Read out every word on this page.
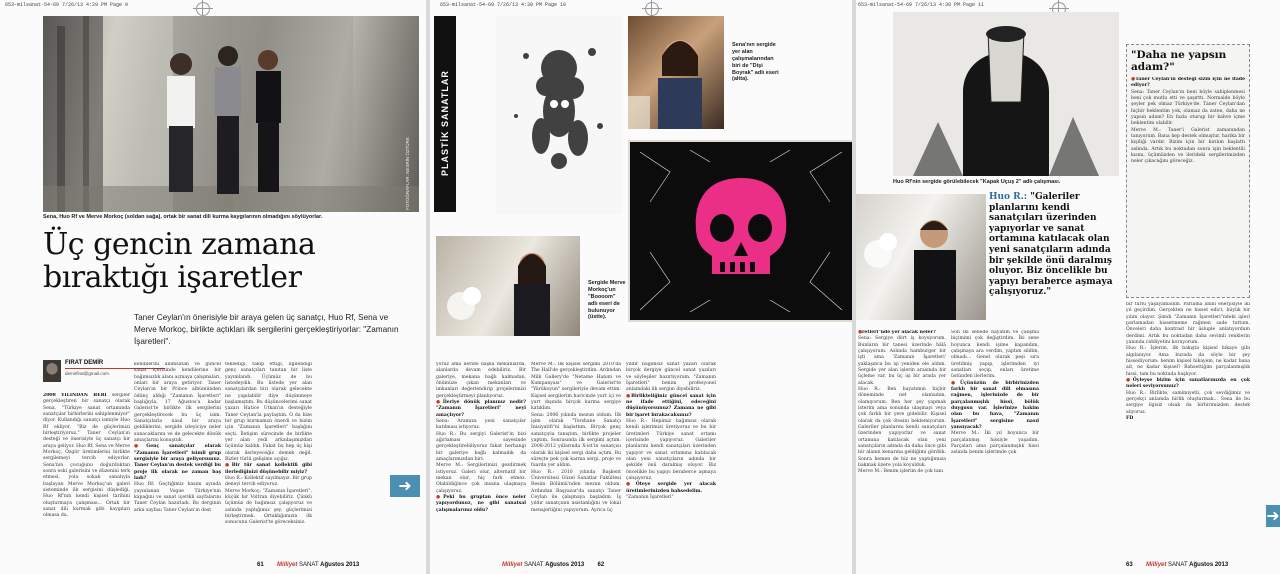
653-milsanat-54-69 7/26/13 4:29 PM Page 9
FOTOĞRAFLAR: NESRİN ÖZTÜRK
Sena, Huo Rf ve Merve Morkoç (soldan sağa), ortak bir sanat dili kurma kaygılarının olmadığını söylüyorlar.
Üç gencin zamana
bıraktığı işaretler
Taner Ceylan'ın önerisiyle bir araya gelen üç sanatçı, Huo Rf, Sena ve Merve Morkoç, birlikte açtıkları ilk sergilerini gerçekleştiriyorlar: "Zamanın İşaretleri".
FIRAT DEMİR
demirfirat@gmail.com
2008 YILINDAN BERİ sergiler gerçekleştiren bir sanatçı olarak Sena, "Türkiye sanat ortamında sanatçılar birbirlerini sahiplenmiyor" diyor. Kullandığı sanatçı ismiyle Huo Rf ekliyor, "Biz de güçlerimizi birleştiriyoruz." Taner Ceylan'ın desteği ve önerisiyle üç sanatçı bir araya geliyor. Huo Rf, Sena ve Merve Morkoç, Özgür üretimlerini birlikte sergilemeyi tercih ediyorlar. Sena'nın çocuğunu doğurduktan sonra eski galerisini ve düzenini terk etmesi, yola sokak sanatıyla başlayan Merve Morkoç'un galeri sisteminde ilk sergisini düşlediği, Huo Rf'nin kendi kişisel tarihini oluşturmaya çalışması... Ortak bir sanat dili kurmak gibi kaygıları olmasa da,
kendilerini anımsatan ve güncel sanat içerisinde kendilerine bir bağımsızlık alanı açmaya çalışmaları, onları bir araya getiriyor. Taner Ceylan'ın bir Prince albümünden ödünç aldığı "Zamanın İşaretleri" başlığıyla, 17 Ağustos'a kadar Galerist'te birlikte ilk sergilerini gerçekleştirecek bu üç isim. Sanatçılarla nasıl bir araya geldiklerini, sergide izleyiciye neler sunacaklarını ve de gelecekte dönük amaçlarını konuştuk.
● Genç sanatçılar olarak "Zamanın İşaretleri" isimli grup sergisiyle bir araya geliyorsunuz. Taner Ceylan'ın destek verdiği bu proje ilk olarak ne zaman baş ladı?
Huo Rf: Geçtiğimiz kasım ayında yayınlanan Vogue Türkiye'nin kapağını ve sanat içerikli sayfalarını Taner Ceylan hazırladı. Bu derginin arka sayfası Taner Ceylan'ın dest
teklediği, takip ettiği, ilgilendiği genç sanatçıları tanıtan bir liste yayımlandı. Üçümüz de bu listedeydik. Bu listede yer alan sanatçılardan biri olarak gelecekte ne yapılabilir diye düşünmeye başlamıştım. Bu düşüncelerimi sanat yazarı Hatice Utkan'ın desteğiyle Taner Ceylan'la paylaştım. O da bize bir grup kurmamızı önerdi ve bizim için "Zamanın İşaretleri" başlığını seçti. İletişim sürecinde de birlikte yer alan yedi arkadaşımızdan üçümüz kaldık. Fakat bu hep üç kişi olarak ilerleyeceğiz demek değil. Bizler türlü gelişime açığız.
● Bir tür sanat kollektifi gibi ilerlediğinizi düşünebilir miyiz?
Huo R.: Kollektif sayılmayız. Bir grup deneyi tercih ediyoruz.
Merve Morkoç: "Zamanın İşaretleri", küçük bir Voltran diyebiliriz. Çünkü üçümüz de bağımsız çalışıyoruz ve aslında yaptığımız şey, güçlerimizi birleştirmek. Ortaklığımızın ilk sonucunu Galerist'te göreceksiniz.
➜
61 Milliyet SANAT Ağustos 2013
653-milsanat-54-69 7/26/13 4:30 PM Page 10
PLASTİK SANATLAR
Sena'nın sergide yer alan çalışmalarından biri de "Dişi Boyrak" adlı eseri (altta).
Sergide Merve Morkoç'un "Boooom" adlı eseri de bulunuyor (üstte).
yoruz ama ileride başka mekanlarda, alanlarda devam edebiliriz. Bir galeriye, mekana bağlı kalmadan, önümüze çıkan mekanları ve imkanları değerlendirip projelerimizi gerçekleştirmeyi planlıyoruz.
● İleriye dönük planınız nedir? "Zamanın İşaretleri" neyi amaçlıyor?
Sena: Aramıza yeni sanatçılar katılması istiyoruz.
Huo R.: Bu sergiyi Galerist'in bizi ağırlaması sayesinde gerçekleştirebiliyoruz fakat herhangi bir galeriye bağlı kalmadık da amaçlarımızdan biri.
Merve M.: Sergilerimizi gezdirmek istiyoruz. Galeri olur, alternatif bir mekan olur, hiç fark etmez. Olabildiğince çok insana ulaşmaya çalışıyoruz.
● Peki bu gruptan önce neler yapıyordunuz, ne gibi sanatsal çalışmalarınız oldu?
Merve M.: İlk kişisel sergimi 2010'da The Hall'de gerçekleştirdim. Ardından Milk Gallery'de "Netame Hanım ve Kumpanyası" ve Galerist'te "Yürükoyun" sergileriyle devam ettim. Kişisel sergilerim haricinde yurt içi ve yurt dışında birçok karma sergiye katıldım.
Sena: 2006 yılında mezun oldum. İlk işim olarak "Torshane Sanatçı İnisiyatifi"ni başlattım. Birçok genç sanatçıyla tanıştım, birlikte projeler yaptım. Sonrasında ilk sergimi açtım. 2008-2012 yıllarında X-ist'in sanatçısı olarak iki kişisel sergi daha açtım. Bu süreçte pek çok karma sergi, proje ve fuarda yer aldım.
Huo R.: 2010 yılında Başkent Üniversitesi Güzel Sanatlar Fakültesi Resim Bölümü'nden mezun oldum. Ardından Başyazar'da sanatçı Taner Ceylan ile çalışmaya başladım. İş yıldır sanatçının asistanlığını ve lokal menajerliğini yapıyorum. Ayrıca üç
yıldır bağımsız sanat yazarı olarak birçok dergiye güncel sanat yazıları ve söyleşiler hazırlıyorum. "Zamanın İşaretleri" benim profesyonel anlamdaki ilk sergim diyebiliriz.
● Birlikteliğiniz güncel sanat için ne ifade ettiğini, edeceğini düşünüyorsunuz? Zamana ne gibi bir işaret bırakacaksınız?
Huo R.: Hepimiz bağımsız olarak kendi işlerimizi üretiyoruz ve bu bir üretimleri Türkiye sanat ortamı içerisinde yapıyoruz. Galeriler planlarını kendi sanatçıları üzerinden yapıyor ve sanat ortamına katılacak olan yeni sanatçıların adında bir şekilde önü daralmış oluyor. Biz öncelikle bu yapıyı beraberce aşmaya çalışıyoruz.
● Öteye sergide yer alacak üretimlerinizden bahsedelim.
"Zamanın İşaretleri"
Milliyet SANAT Ağustos 2013 62
653-milsanat-54-69 7/26/13 4:30 PM Page 11
Huo Rf'nin sergide görülebilecek "Kapak Uçuş 2" adlı çalışması.
"Daha ne yapsın adam?"
● Taner Ceylan'ın desteği sizin için ne ifade ediyor?
Sena: Taner Ceylan'ın beni böyle sahiplenmesi beni çok mutlu etti ve şaşırttı. Normalde böyle şeyler pek olmaz Türkiye'de. Taner Ceylan'dan hiçbir beklentim yok, olamaz da zaten, daha ne yapsın adam? En fazla oturup bir kahve içme beklentim olabilir.
Merve M.: Taner'i Galerist zamanından tanıyorum. Bana hep destek olmuştur, harika bir kişiliği vardır. Bizim için bir kırılım başlattı aslında. Artık bu noktadan sonra işin beklentili kısmı, üçümüzden ve ilerideki sergilerimizden neler çıkacağını göreceğiz.
Huo R.: "Galeriler planlarını kendi sanatçıları üzerinden yapıyorlar ve sanat ortamına katılacak olan yeni sanatçıların adında bir şekilde önü daralmış oluyor. Biz öncelikle bu yapıyı beraberce aşmaya çalışıyoruz."
● retleri"nde yer alacak neler?
Sena: Sergiye dört iş koyuyorum. Bunların bir tanesi üzerinde hâlâ çalışıyorum. Aslında hamburger bir işti ama 'Zamanın İşaretleri' yaklaşınca bu işi yeniden ele aldım. Sergide yer alan işlerin arasında bir üçleme var, bu üç işi bir arada yer alacak.
Huo R.: Ben hayatımın hiçbir döneminde net olamadım, olamıyorum. Ben her şey yapmak isterim ama sonunda ulaşmayı veya çok farklı bir yere gidebilir. Kişisel olarak da çok ötesini beklemiyorum. Galeriler planlarını kendi sanatçıları üzerinden yapıyorlar ve sanat ortamına katılacak olan yeni sanatçıların adında da daha önce gibi bir alanın kenarına geldiğimi gördük. Sonra hemen de biz ne yaptığımıza bakmak üzere yola koyulduk.
Merve M.: Benim işlerim de çok tanı
Son iki senede hayatım ve çalışma biçimimi çok değiştirdim. İki sene boyunca kendi işime kapandım, çalışmaya ara verdim, yaptım sildim, olmadı... Genel olarak peşi sıra üretilmiş yapıp, işlerimden iyi sanatları seçip, onları üretime üstünden ilerlerim.
● Üçünüzün de birbirinizden farklı bir sanat dili olmasına rağmen, işlerinizde de bir parçalanmışlık hissi, bölük duygusu var. İşlerinize hakim olan bu hava, "Zamanın İşaretleri" sergisine nasıl yansıyacak?
Merve M.: İki yıl boyunca bir parçalanmış hissiyle yaşadım. Parçaları ama parçalanmışlık hissi aslında benim işlerimde çok
bir türlü yaşayamadım. Parlama anını enerjisiyle iki yıl geçirdim. Gerçekten ne hisset edict, büyük bir yılım olayor. Şimdi "Zamanın İşaretleri"ndeki işleri parlamadan hissetmeme rağmen sade tuttum. Önceleri daha kontrast bir üsluple anlatıyordum derdimi. Artık bu noktadan daha sevimli renklerin yanında ciddiyetini koruyorum.
Huo R.: İşlerim, ilk bakışta kişisel hikaye gibi algılanıyor. Ama burada da söyle bir şey hissediyorum: benim kişisel hikayem, ne kadar bana ait, ne kadar kişisel? Bahsettiğim parçalanmışlık hissi, tam bu noktada başlıyor.
● Öyleyse bizim için sanatlarınızda en çok neleri seviyorsunuz?
Huo R.: Birlikte, samimiyetli, çok sevdiğimiz ve gerçekçi anlamda birlik oluşturmak... Sena ile bu sergiye ilgisiz olsak da birbirimizden destek alıyoruz.
FD
➜
63 Milliyet SANAT Ağustos 2013
